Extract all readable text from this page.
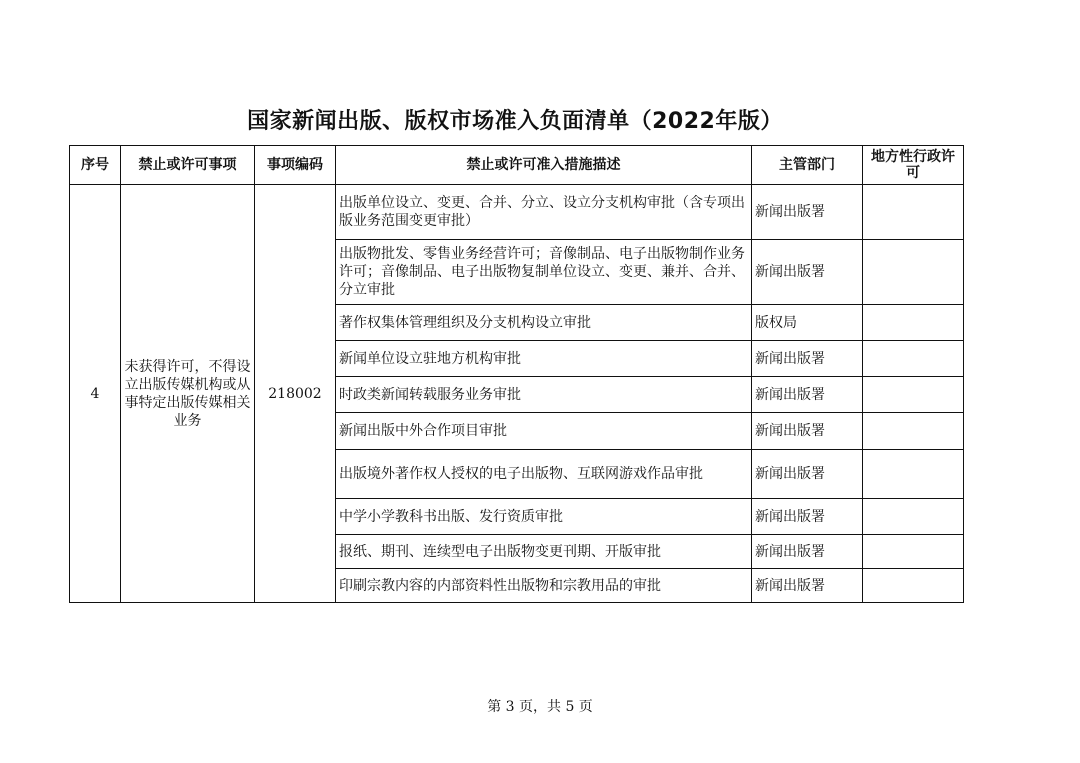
国家新闻出版、版权市场准入负面清单（2022年版）
序号	禁止或许可事项	事项编码	禁止或许可准入措施描述	主管部门	地方性行政许可
4	未获得许可，不得设立出版传媒机构或从事特定出版传媒相关业务	218002	出版单位设立、变更、合并、分立、设立分支机构审批（含专项出版业务范围变更审批）	新闻出版署	
			出版物批发、零售业务经营许可；音像制品、电子出版物制作业务许可；音像制品、电子出版物复制单位设立、变更、兼并、合并、分立审批	新闻出版署	
			著作权集体管理组织及分支机构设立审批	版权局	
			新闻单位设立驻地方机构审批	新闻出版署	
			时政类新闻转载服务业务审批	新闻出版署	
			新闻出版中外合作项目审批	新闻出版署	
			出版境外著作权人授权的电子出版物、互联网游戏作品审批	新闻出版署	
			中学小学教科书出版、发行资质审批	新闻出版署	
			报纸、期刊、连续型电子出版物变更刊期、开版审批	新闻出版署	
			印刷宗教内容的内部资料性出版物和宗教用品的审批	新闻出版署	
第 3 页，共 5 页
